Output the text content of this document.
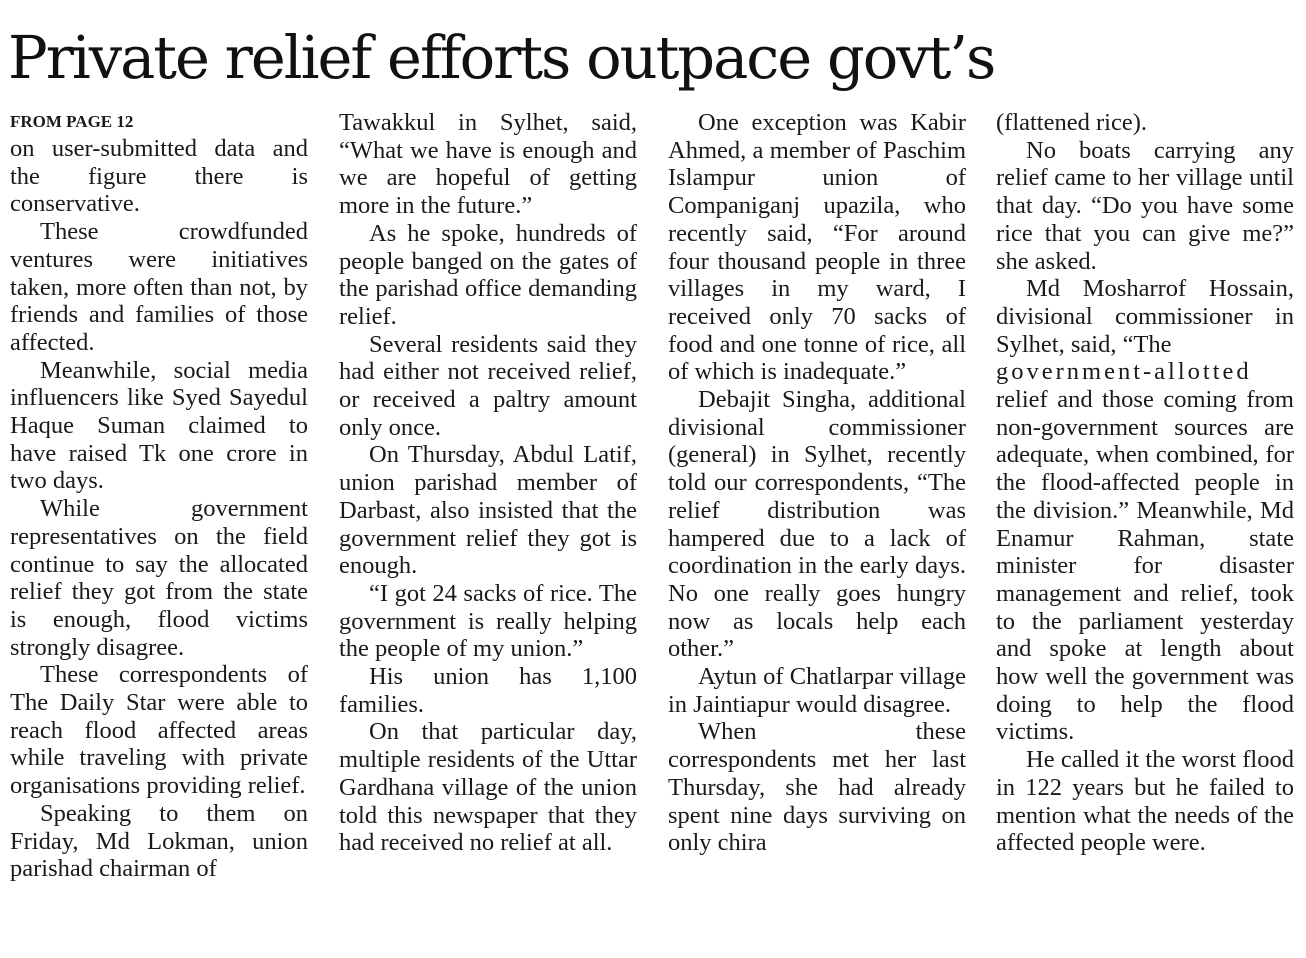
Private relief efforts outpace govt’s
FROM PAGE 12

on user-submitted data and the figure there is conservative.

These crowdfunded ventures were initiatives taken, more often than not, by friends and families of those affected.

Meanwhile, social media influencers like Syed Sayedul Haque Suman claimed to have raised Tk one crore in two days.

While government representatives on the field continue to say the allocated relief they got from the state is enough, flood victims strongly disagree.

These correspondents of The Daily Star were able to reach flood affected areas while traveling with private organisations providing relief.

Speaking to them on Friday, Md Lokman, union parishad chairman of

Tawakkul in Sylhet, said, “What we have is enough and we are hopeful of getting more in the future.”

As he spoke, hundreds of people banged on the gates of the parishad office demanding relief.

Several residents said they had either not received relief, or received a paltry amount only once.

On Thursday, Abdul Latif, union parishad member of Darbast, also insisted that the government relief they got is enough.

“I got 24 sacks of rice. The government is really helping the people of my union.”

His union has 1,100 families.

On that particular day, multiple residents of the Uttar Gardhana village of the union told this newspaper that they had received no relief at all.

One exception was Kabir Ahmed, a member of Paschim Islampur union of Companiganj upazila, who recently said, “For around four thousand people in three villages in my ward, I received only 70 sacks of food and one tonne of rice, all of which is inadequate.”

Debajit Singha, additional divisional commissioner (general) in Sylhet, recently told our correspondents, “The relief distribution was hampered due to a lack of coordination in the early days. No one really goes hungry now as locals help each other.”

Aytun of Chatlarpar village in Jaintiapur would disagree.

When these correspondents met her last Thursday, she had already spent nine days surviving on only chira

(flattened rice).

No boats carrying any relief came to her village until that day. “Do you have some rice that you can give me?” she asked.

Md Mosharrof Hossain, divisional commissioner in Sylhet, said, “The

government-allotted

relief and those coming from non-government sources are adequate, when combined, for the flood-affected people in the division.” Meanwhile, Md Enamur Rahman, state minister for disaster management and relief, took to the parliament yesterday and spoke at length about how well the government was doing to help the flood victims.

He called it the worst flood in 122 years but he failed to mention what the needs of the affected people were.
